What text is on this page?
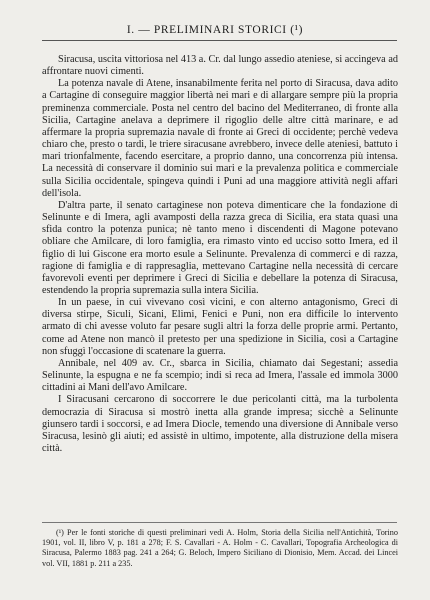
I. — PRELIMINARI STORICI (¹)

Siracusa, uscita vittoriosa nel 413 a. Cr. dal lungo assedio ateniese, si accingeva ad affrontare nuovi cimenti.

La potenza navale di Atene, insanabilmente ferita nel porto di Siracusa, dava adito a Cartagine di conseguire maggior libertà nei mari e di allargare sempre più la propria preminenza commerciale. Posta nel centro del bacino del Mediterraneo, di fronte alla Sicilia, Cartagine anelava a deprimere il rigoglio delle altre città marinare, e ad affermare la propria supremazia navale di fronte ai Greci di occidente; perchè vedeva chiaro che, presto o tardi, le triere siracusane avrebbero, invece delle ateniesi, battuto i mari trionfalmente, facendo esercitare, a proprio danno, una concorrenza più intensa. La necessità di conservare il dominio sui mari e la prevalenza politica e commerciale sulla Sicilia occidentale, spingeva quindi i Puni ad una maggiore attività negli affari dell'isola.

D'altra parte, il senato cartaginese non poteva dimenticare che la fondazione di Selinunte e di Imera, agli avamposti della razza greca di Sicilia, era stata quasi una sfida contro la potenza punica; nè tanto meno i discendenti di Magone potevano obliare che Amilcare, di loro famiglia, era rimasto vinto ed ucciso sotto Imera, ed il figlio di lui Giscone era morto esule a Selinunte. Prevalenza di commerci e di razza, ragione di famiglia e di rappresaglia, mettevano Cartagine nella necessità di cercare favorevoli eventi per deprimere i Greci di Sicilia e debellare la potenza di Siracusa, estendendo la propria supremazia sulla intera Sicilia.

In un paese, in cui vivevano così vicini, e con alterno antagonismo, Greci di diversa stirpe, Siculi, Sicani, Elimi, Fenici e Puni, non era difficile lo intervento armato di chi avesse voluto far pesare sugli altri la forza delle proprie armi. Pertanto, come ad Atene non mancò il pretesto per una spedizione in Sicilia, così a Cartagine non sfuggì l'occasione di scatenare la guerra.

Annibale, nel 409 av. Cr., sbarca in Sicilia, chiamato dai Segestani; assedia Selinunte, la espugna e ne fa scempio; indi si reca ad Imera, l'assale ed immola 3000 cittadini ai Mani dell'avo Amilcare.

I Siracusani cercarono di soccorrere le due pericolanti città, ma la turbolenta democrazia di Siracusa si mostrò inetta alla grande impresa; sicchè a Selinunte giunsero tardi i soccorsi, e ad Imera Diocle, temendo una diversione di Annibale verso Siracusa, lesinò gli aiuti; ed assistè in ultimo, impotente, alla distruzione della misera città.

(¹) Per le fonti storiche di questi preliminari vedi A. Holm, Storia della Sicilia nell'Antichità, Torino 1901, vol. II, libro V, p. 181 a 278; F. S. Cavallari - A. Holm - C. Cavallari, Topografia Archeologica di Siracusa, Palermo 1883 pag. 241 a 264; G. Beloch, Impero Siciliano di Dionisio, Mem. Accad. dei Lincei vol. VII, 1881 p. 211 a 235.
